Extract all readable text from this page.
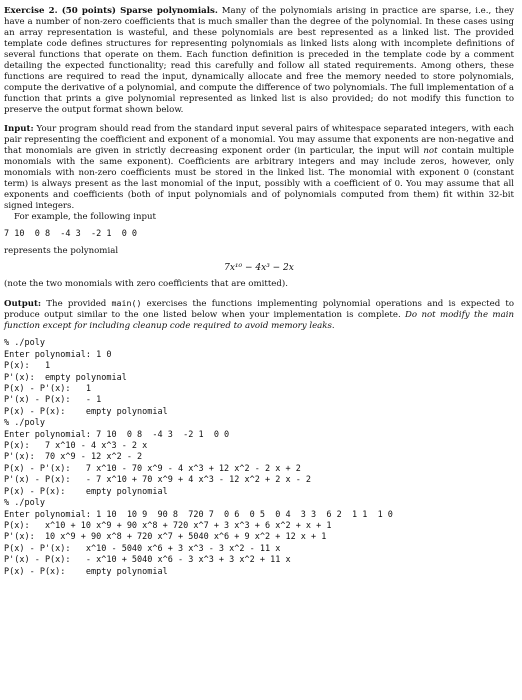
Exercise 2. (50 points) Sparse polynomials. Many of the polynomials arising in practice are sparse, i.e., they have a number of non-zero coefficients that is much smaller than the degree of the polynomial. In these cases using an array representation is wasteful, and these polynomials are best represented as a linked list. The provided template code defines structures for representing polynomials as linked lists along with incomplete definitions of several functions that operate on them. Each function definition is preceded in the template code by a comment detailing the expected functionality; read this carefully and follow all stated requirements. Among others, these functions are required to read the input, dynamically allocate and free the memory needed to store polynomials, compute the derivative of a polynomial, and compute the difference of two polynomials. The full implementation of a function that prints a give polynomial represented as linked list is also provided; do not modify this function to preserve the output format shown below.

Input: Your program should read from the standard input several pairs of whitespace separated integers, with each pair representing the coefficient and exponent of a monomial. You may assume that exponents are non-negative and that monomials are given in strictly decreasing exponent order (in particular, the input will not contain multiple monomials with the same exponent). Coefficients are arbitrary integers and may include zeros, however, only monomials with non-zero coefficients must be stored in the linked list. The monomial with exponent 0 (constant term) is always present as the last monomial of the input, possibly with a coefficient of 0. You may assume that all exponents and coefficients (both of input polynomials and of polynomials computed from them) fit within 32-bit signed integers.

For example, the following input

7 10  0 8  -4 3  -2 1  0 0

represents the polynomial

7x¹⁰ − 4x³ − 2x

(note the two monomials with zero coefficients that are omitted).

Output: The provided main() exercises the functions implementing polynomial operations and is expected to produce output similar to the one listed below when your implementation is complete. Do not modify the main function except for including cleanup code required to avoid memory leaks.

% ./poly

Enter polynomial: 1 0

P(x):   1

P'(x):  empty polynomial

P(x) - P'(x):   1

P'(x) - P(x):   - 1

P(x) - P(x):    empty polynomial

% ./poly

Enter polynomial: 7 10  0 8  -4 3  -2 1  0 0

P(x):   7 x^10 - 4 x^3 - 2 x

P'(x):  70 x^9 - 12 x^2 - 2

P(x) - P'(x):   7 x^10 - 70 x^9 - 4 x^3 + 12 x^2 - 2 x + 2

P'(x) - P(x):   - 7 x^10 + 70 x^9 + 4 x^3 - 12 x^2 + 2 x - 2

P(x) - P(x):    empty polynomial

% ./poly

Enter polynomial: 1 10  10 9  90 8  720 7  0 6  0 5  0 4  3 3  6 2  1 1  1 0

P(x):   x^10 + 10 x^9 + 90 x^8 + 720 x^7 + 3 x^3 + 6 x^2 + x + 1

P'(x):  10 x^9 + 90 x^8 + 720 x^7 + 5040 x^6 + 9 x^2 + 12 x + 1

P(x) - P'(x):   x^10 - 5040 x^6 + 3 x^3 - 3 x^2 - 11 x

P'(x) - P(x):   - x^10 + 5040 x^6 - 3 x^3 + 3 x^2 + 11 x

P(x) - P(x):    empty polynomial
